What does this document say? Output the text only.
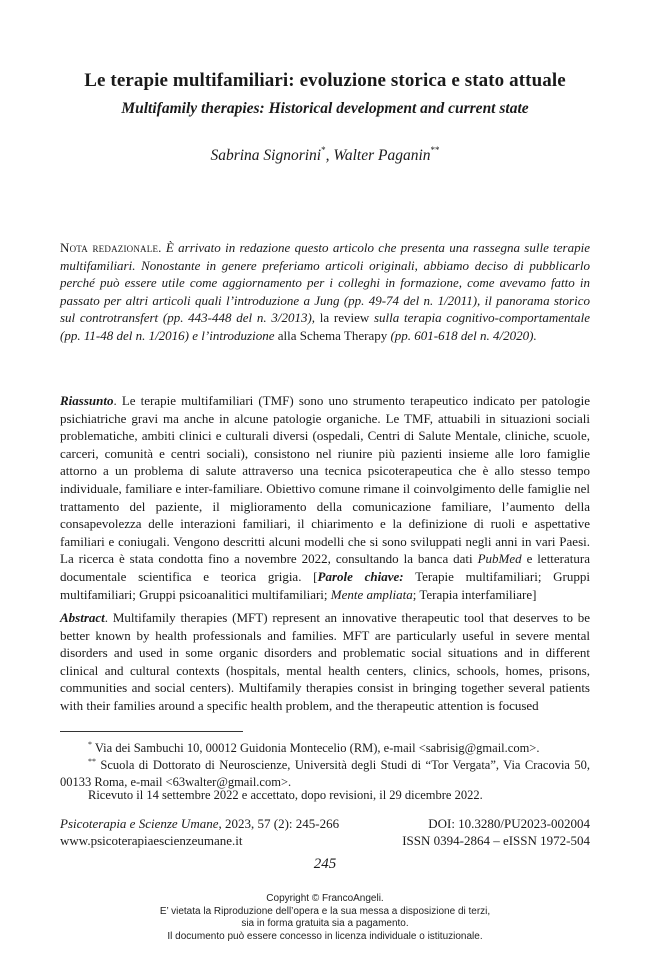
Le terapie multifamiliari: evoluzione storica e stato attuale
Multifamily therapies: Historical development and current state
Sabrina Signorini*, Walter Paganin**
Nota redazionale. È arrivato in redazione questo articolo che presenta una rassegna sulle terapie multifamiliari. Nonostante in genere preferiamo articoli originali, abbiamo deciso di pubblicarlo perché può essere utile come aggiornamento per i colleghi in formazione, come avevamo fatto in passato per altri articoli quali l’introduzione a Jung (pp. 49-74 del n. 1/2011), il panorama storico sul controtransfert (pp. 443-448 del n. 3/2013), la review sulla terapia cognitivo-comportamentale (pp. 11-48 del n. 1/2016) e l’introduzione alla Schema Therapy (pp. 601-618 del n. 4/2020).
Riassunto. Le terapie multifamiliari (TMF) sono uno strumento terapeutico indicato per patologie psichiatriche gravi ma anche in alcune patologie organiche. Le TMF, attuabili in situazioni sociali problematiche, ambiti clinici e culturali diversi (ospedali, Centri di Salute Mentale, cliniche, scuole, carceri, comunità e centri sociali), consistono nel riunire più pazienti insieme alle loro famiglie attorno a un problema di salute attraverso una tecnica psicoterapeutica che è allo stesso tempo individuale, familiare e inter-familiare. Obiettivo comune rimane il coinvolgimento delle famiglie nel trattamento del paziente, il miglioramento della comunicazione familiare, l’aumento della consapevolezza delle interazioni familiari, il chiarimento e la definizione di ruoli e aspettative familiari e coniugali. Vengono descritti alcuni modelli che si sono sviluppati negli anni in vari Paesi. La ricerca è stata condotta fino a novembre 2022, consultando la banca dati PubMed e letteratura documentale scientifica e teorica grigia. [Parole chiave: Terapie multifamiliari; Gruppi multifamiliari; Gruppi psicoanalitici multifamiliari; Mente ampliata; Terapia interfamiliare]
Abstract. Multifamily therapies (MFT) represent an innovative therapeutic tool that deserves to be better known by health professionals and families. MFT are particularly useful in severe mental disorders and used in some organic disorders and problematic social situations and in different clinical and cultural contexts (hospitals, mental health centers, clinics, schools, homes, prisons, communities and social centers). Multifamily therapies consist in bringing together several patients with their families around a specific health problem, and the therapeutic attention is focused
* Via dei Sambuchi 10, 00012 Guidonia Montecelio (RM), e-mail <sabrisig@gmail.com>.
** Scuola di Dottorato di Neuroscienze, Università degli Studi di “Tor Vergata”, Via Cracovia 50, 00133 Roma, e-mail <63walter@gmail.com>.
Ricevuto il 14 settembre 2022 e accettato, dopo revisioni, il 29 dicembre 2022.
Psicoterapia e Scienze Umane, 2023, 57 (2): 245-266	DOI: 10.3280/PU2023-002004
www.psicoterapiaescienzeumane.it	ISSN 0394-2864 – eISSN 1972-504
245
Copyright © FrancoAngeli.
E’ vietata la Riproduzione dell’opera e la sua messa a disposizione di terzi,
sia in forma gratuita sia a pagamento.
Il documento può essere concesso in licenza individuale o istituzionale.
